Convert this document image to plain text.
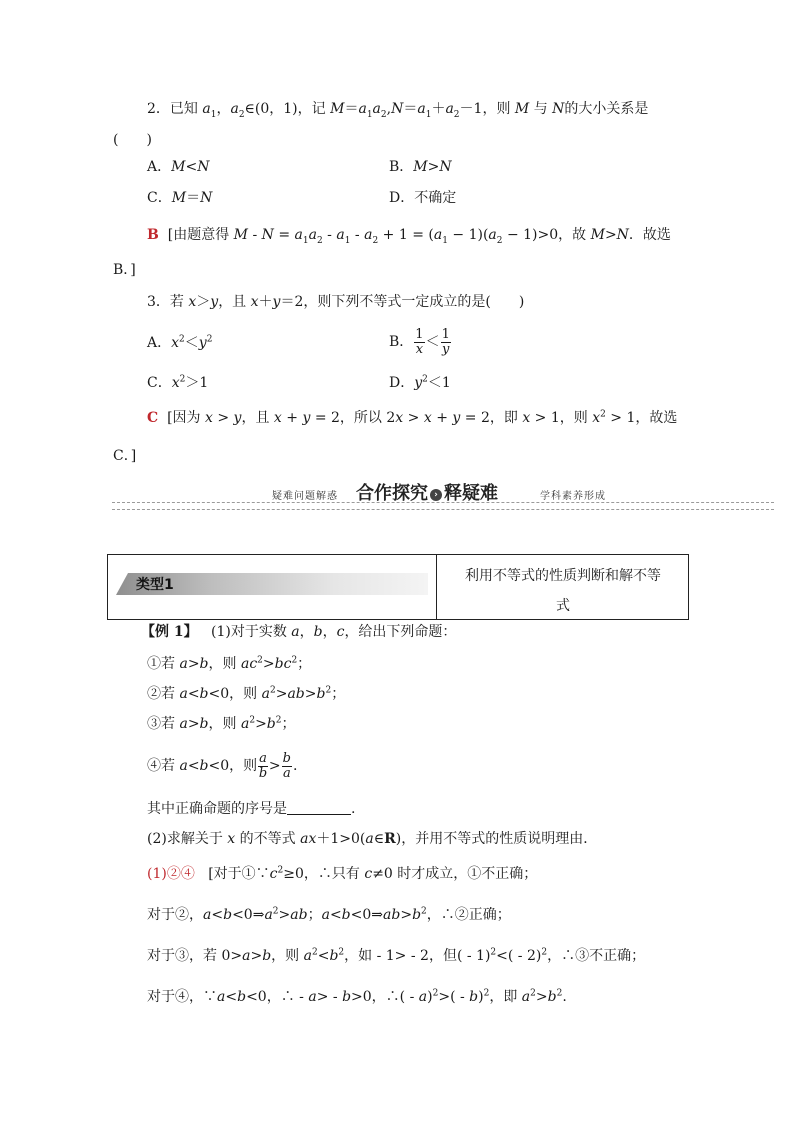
2．已知 $a_1$，$a_2\in(0$，1)，记 $M=a_1a_2,N=a_1+a_2-1$，则 M 与 N的大小关系是
(　　)
A．M<N	B．M>N
C．M＝N	D．不确定
B [由题意得 $M - N = a_1a_2 - a_1 - a_2 + 1 = (a_1 - 1)(a_2 - 1)>0$，故 M>N．故选
B．]
3．若 x＞y，且 x＋y＝2，则下列不等式一定成立的是(　　)
A．$x^2<y^2$	B． $\frac{1}{x} < \frac{1}{y}$
C．$x^2>1$	D．$y^2<1$
C [因为 x > y，且 x + y = 2，所以 2x > x + y = 2，即 x > 1，则 $x^2 > 1$，故选
C．]
疑难问题解惑 合作探究 › 释疑难	学科素养形成
类型1
利用不等式的性质判断和解不等
式
【例 1】 (1)对于实数 a，b，c，给出下列命题：
①若 a>b，则 $ac^2>bc^2$；
②若 a<b<0，则 $a^2>ab>b^2$；
③若 a>b，则 $a^2>b^2$；
④若 a<b<0，则 $\frac{a}{b} > \frac{b}{a}$ .
其中正确命题的序号是	.
(2)求解关于 x 的不等式 ax＋1>0(a∈R)，并用不等式的性质说明理由．
(1)②④ [对于$①\because c^2\ge 0$，∴只有 c≠0 时才成立，①不正确；
对于②，$a<b<0\Rightarrow a^2>ab$；$a<b<0\Rightarrow ab>b^2$，∴②正确；
对于③，若 0>a>b，则 $a^2<b^2$，如 - 1> - 2，但( - 1)$^2$<( - 2)$^2$，∴③不正确；
对于④，∵a<b<0，∴ - a> - b>0，∴( - a)$^2$>( - b)$^2$，即 $a^2>b^2$.
